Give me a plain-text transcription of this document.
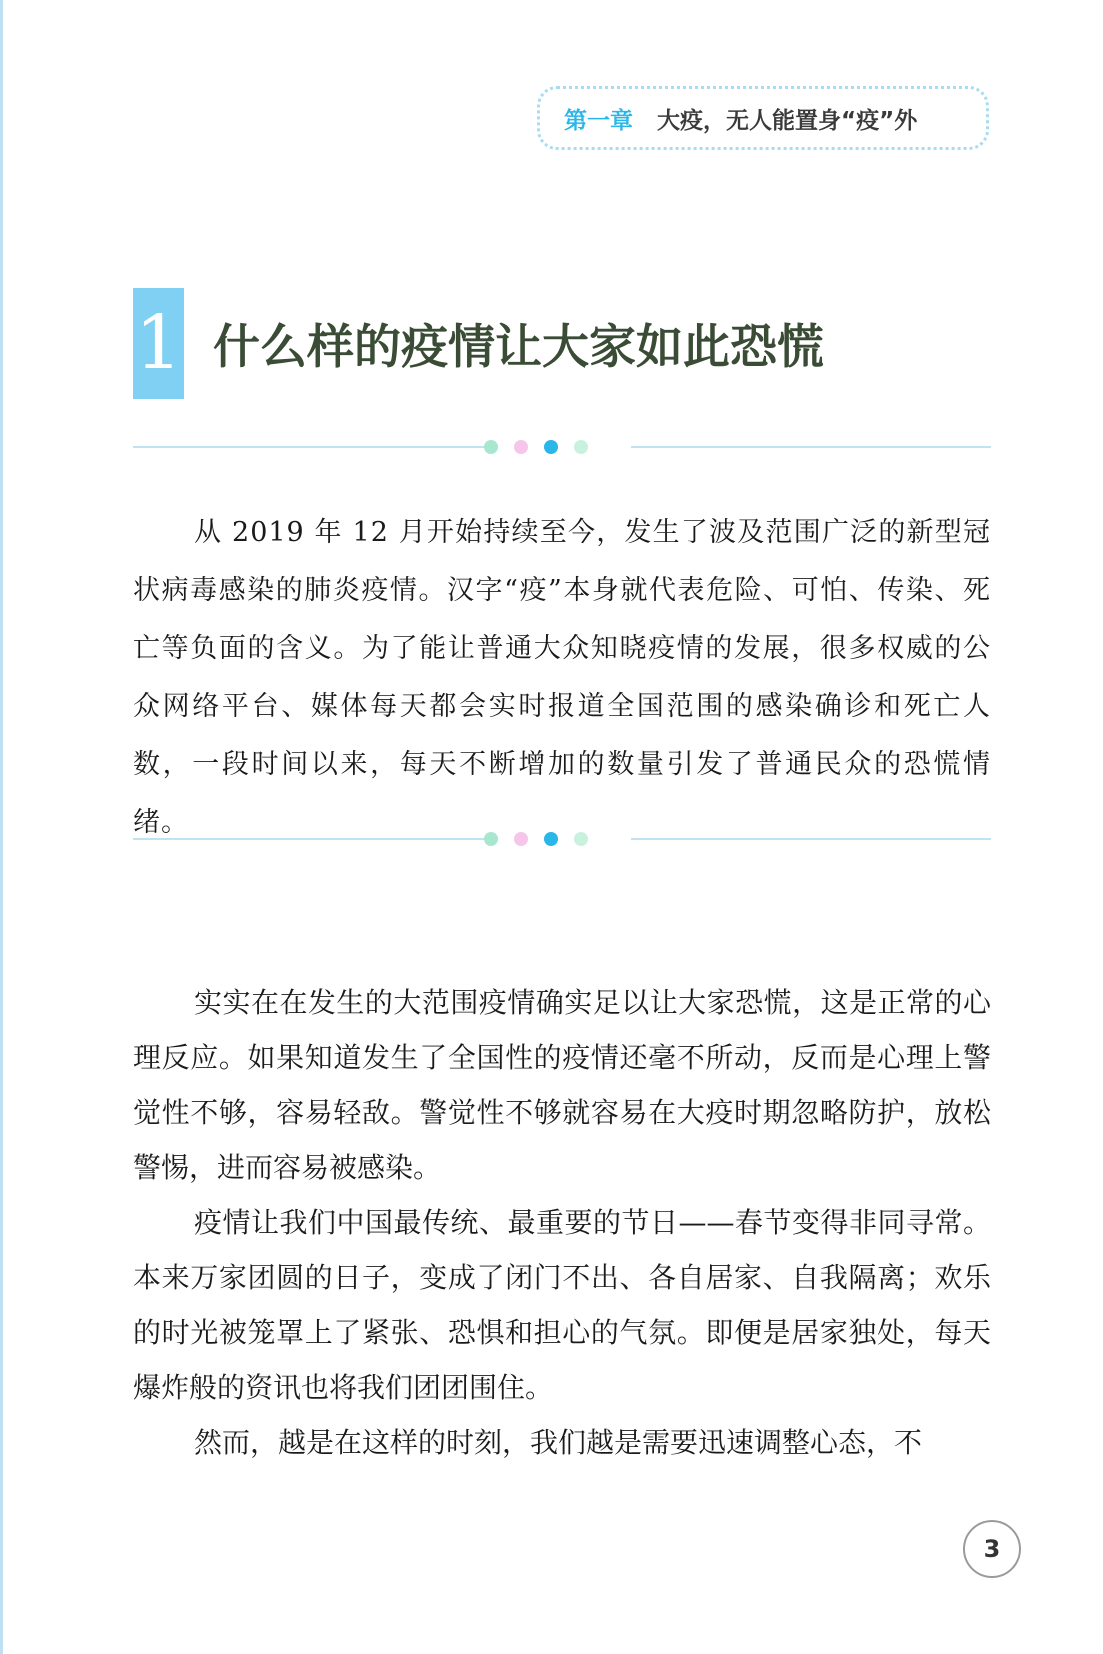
第一章 大疫，无人能置身“疫”外
1 什么样的疫情让大家如此恐慌

从 2019 年 12 月开始持续至今，发生了波及范围广泛的新型冠状病毒感染的肺炎疫情。汉字“疫”本身就代表危险、可怕、传染、死亡等负面的含义。为了能让普通大众知晓疫情的发展，很多权威的公众网络平台、媒体每天都会实时报道全国范围的感染确诊和死亡人数，一段时间以来，每天不断增加的数量引发了普通民众的恐慌情绪。

实实在在发生的大范围疫情确实足以让大家恐慌，这是正常的心理反应。如果知道发生了全国性的疫情还毫不所动，反而是心理上警觉性不够，容易轻敌。警觉性不够就容易在大疫时期忽略防护，放松警惕，进而容易被感染。

疫情让我们中国最传统、最重要的节日——春节变得非同寻常。本来万家团圆的日子，变成了闭门不出、各自居家、自我隔离；欢乐的时光被笼罩上了紧张、恐惧和担心的气氛。即便是居家独处，每天爆炸般的资讯也将我们团团围住。

然而，越是在这样的时刻，我们越是需要迅速调整心态，不

3
